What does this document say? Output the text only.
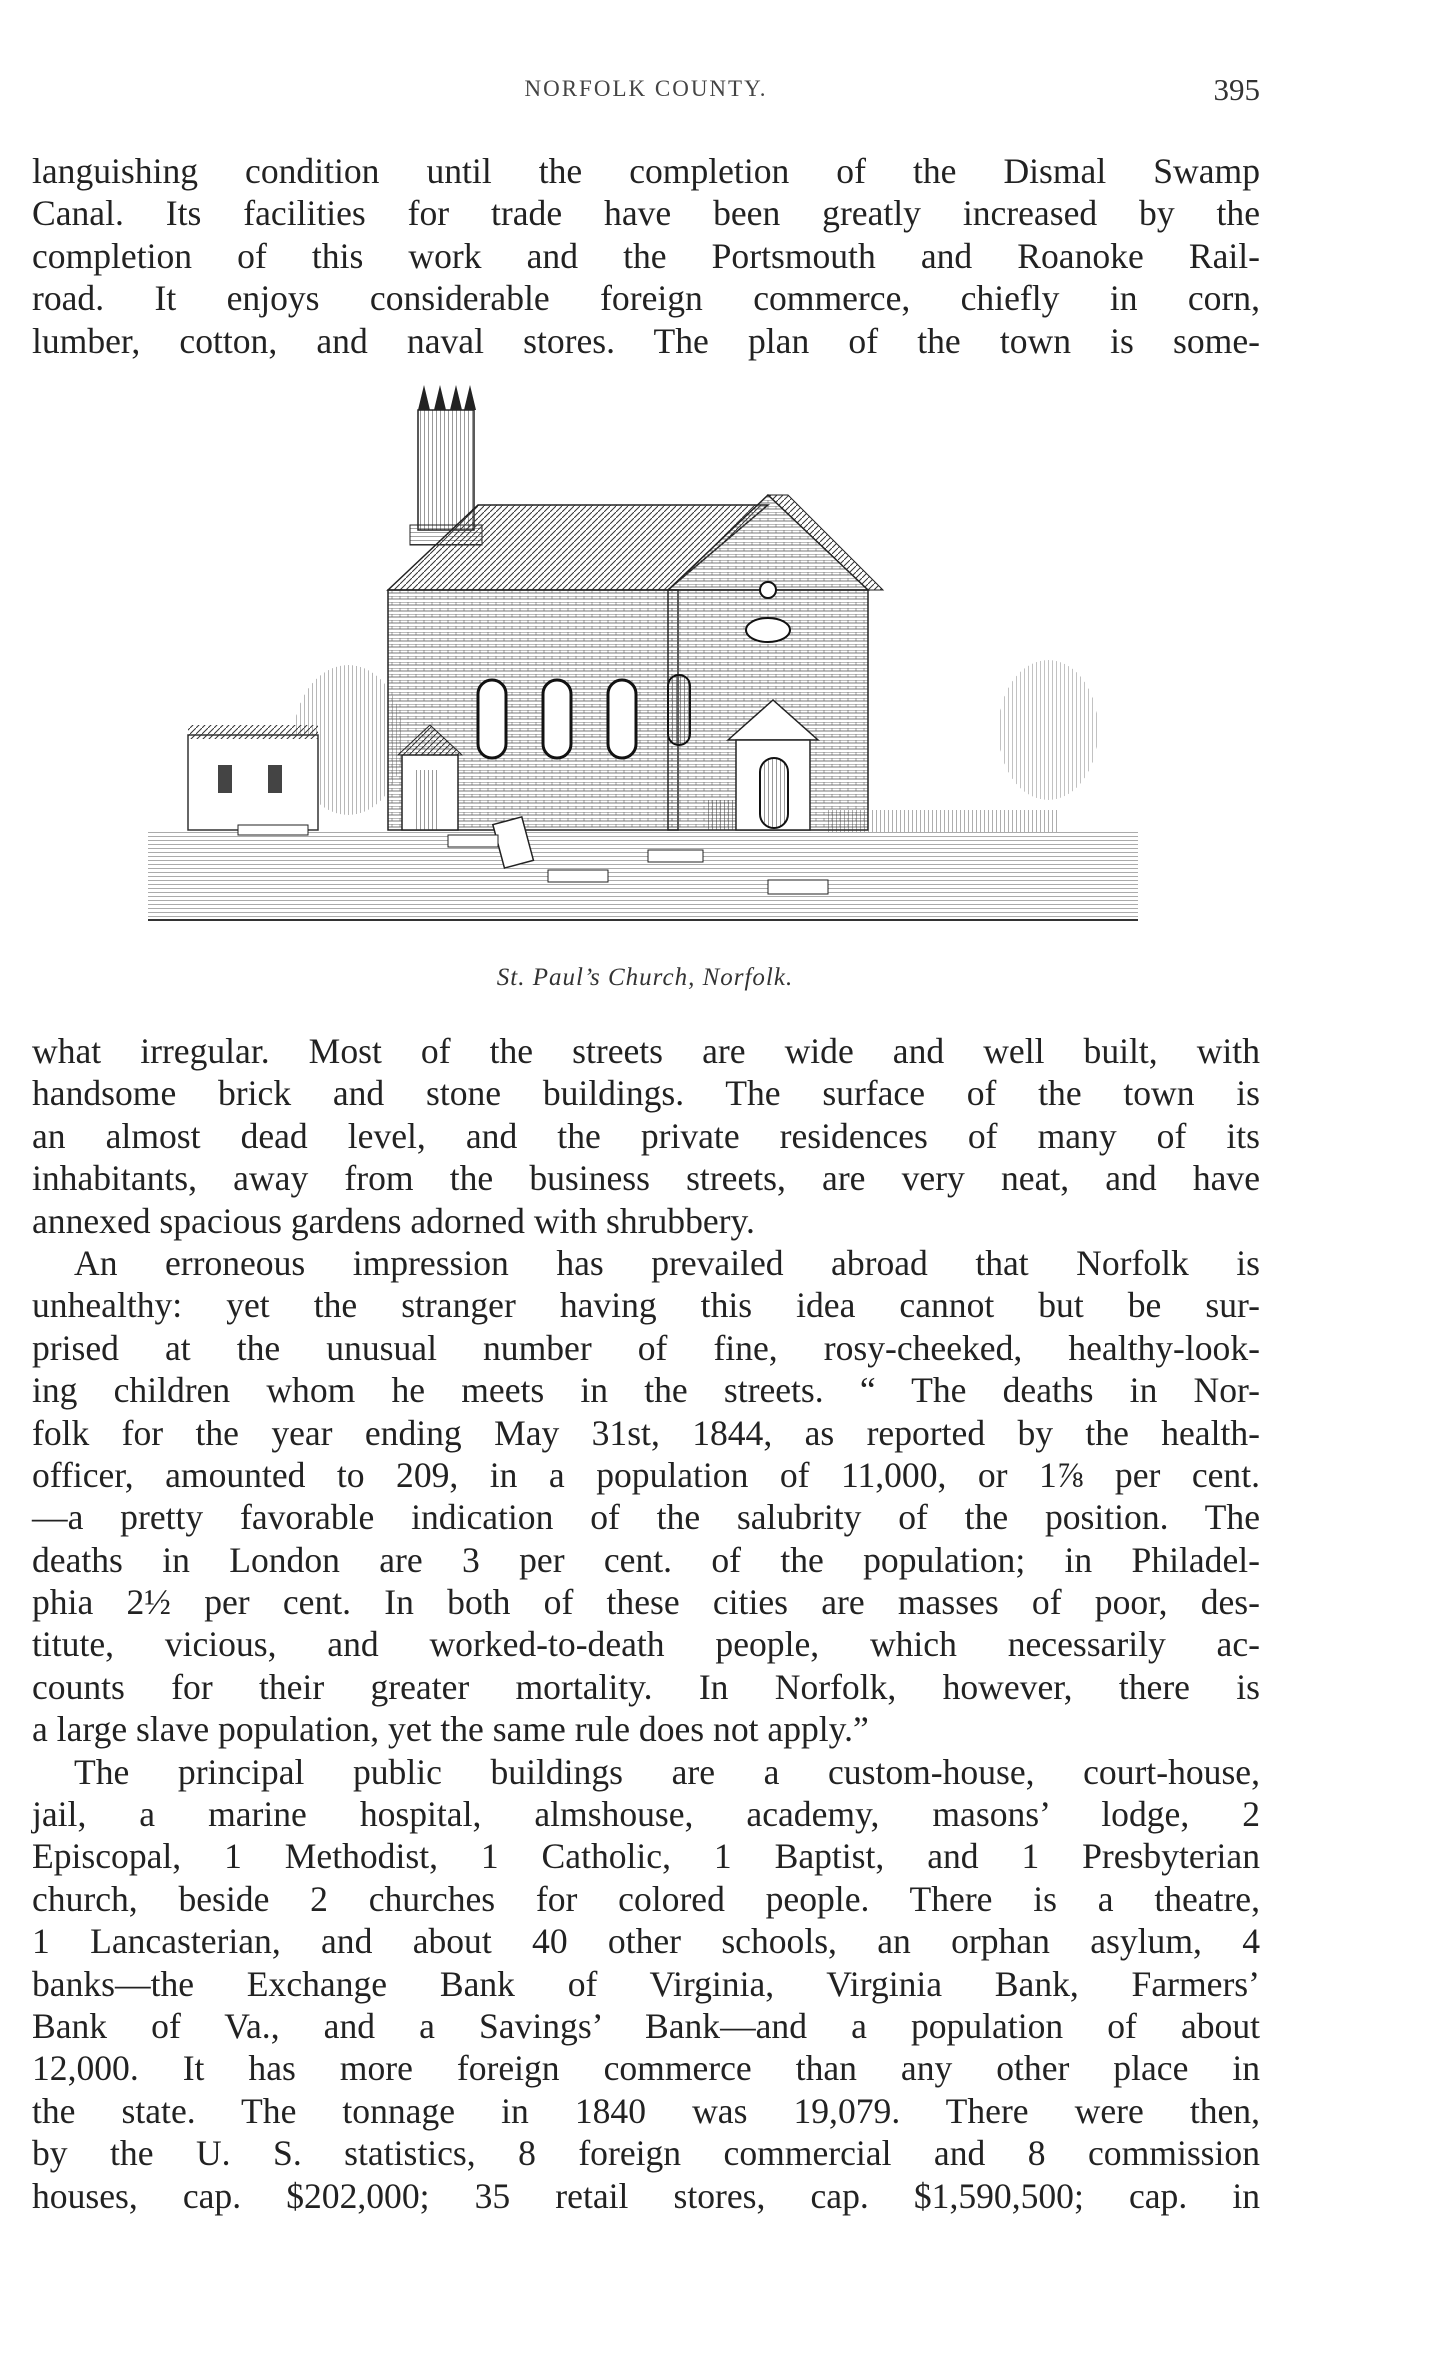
NORFOLK COUNTY.	395
languishing condition until the completion of the Dismal Swamp
Canal. Its facilities for trade have been greatly increased by the
completion of this work and the Portsmouth and Roanoke Rail-
road. It enjoys considerable foreign commerce, chiefly in corn,
lumber, cotton, and naval stores. The plan of the town is some-
St. Paul’s Church, Norfolk.
what irregular. Most of the streets are wide and well built, with
handsome brick and stone buildings. The surface of the town is
an almost dead level, and the private residences of many of its
inhabitants, away from the business streets, are very neat, and have
annexed spacious gardens adorned with shrubbery.
An erroneous impression has prevailed abroad that Norfolk is
unhealthy: yet the stranger having this idea cannot but be sur-
prised at the unusual number of fine, rosy-cheeked, healthy-look-
ing children whom he meets in the streets. “ The deaths in Nor-
folk for the year ending May 31st, 1844, as reported by the health-
officer, amounted to 209, in a population of 11,000, or 1⅞ per cent.
—a pretty favorable indication of the salubrity of the position. The
deaths in London are 3 per cent. of the population; in Philadel-
phia 2½ per cent. In both of these cities are masses of poor, des-
titute, vicious, and worked-to-death people, which necessarily ac-
counts for their greater mortality. In Norfolk, however, there is
a large slave population, yet the same rule does not apply.”
The principal public buildings are a custom-house, court-house,
jail, a marine hospital, almshouse, academy, masons’ lodge, 2
Episcopal, 1 Methodist, 1 Catholic, 1 Baptist, and 1 Presbyterian
church, beside 2 churches for colored people. There is a theatre,
1 Lancasterian, and about 40 other schools, an orphan asylum, 4
banks—the Exchange Bank of Virginia, Virginia Bank, Farmers’
Bank of Va., and a Savings’ Bank—and a population of about
12,000. It has more foreign commerce than any other place in
the state. The tonnage in 1840 was 19,079. There were then,
by the U. S. statistics, 8 foreign commercial and 8 commission
houses, cap. $202,000; 35 retail stores, cap. $1,590,500; cap. in
